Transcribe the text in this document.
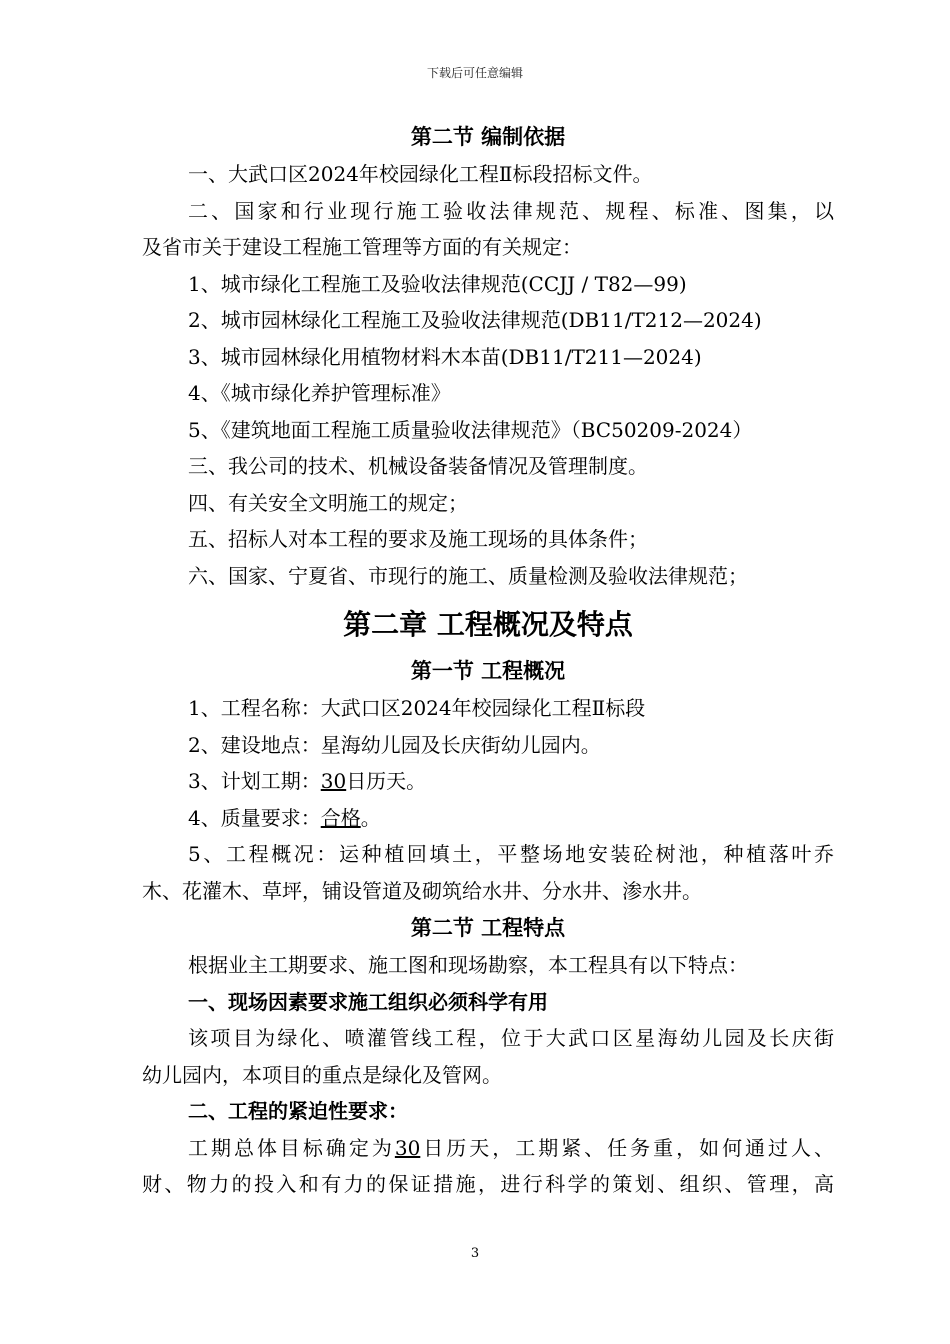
下载后可任意编辑
第二节 编制依据
一、大武口区2024年校园绿化工程Ⅱ标段招标文件。
二、国家和行业现行施工验收法律规范、规程、标准、图集，以
及省市关于建设工程施工管理等方面的有关规定：
1、城市绿化工程施工及验收法律规范(CCJJ / T82—99)
2、城市园林绿化工程施工及验收法律规范(DB11/T212—2024)
3、城市园林绿化用植物材料木本苗(DB11/T211—2024)
4、《城市绿化养护管理标准》
5、《建筑地面工程施工质量验收法律规范》（BC50209-2024）
三、我公司的技术、机械设备装备情况及管理制度。
四、有关安全文明施工的规定；
五、招标人对本工程的要求及施工现场的具体条件；
六、国家、宁夏省、市现行的施工、质量检测及验收法律规范；
第二章 工程概况及特点
第一节 工程概况
1、工程名称：大武口区2024年校园绿化工程Ⅱ标段
2、建设地点：星海幼儿园及长庆街幼儿园内。
3、计划工期：30日历天。
4、质量要求：合格。
5、工程概况：运种植回填土，平整场地安装砼树池，种植落叶乔
木、花灌木、草坪，铺设管道及砌筑给水井、分水井、渗水井。
第二节 工程特点
根据业主工期要求、施工图和现场勘察，本工程具有以下特点：
一、现场因素要求施工组织必须科学有用
该项目为绿化、喷灌管线工程，位于大武口区星海幼儿园及长庆街
幼儿园内，本项目的重点是绿化及管网。
二、工程的紧迫性要求：
工期总体目标确定为30日历天，工期紧、任务重，如何通过人、
财、物力的投入和有力的保证措施，进行科学的策划、组织、管理，高
3
